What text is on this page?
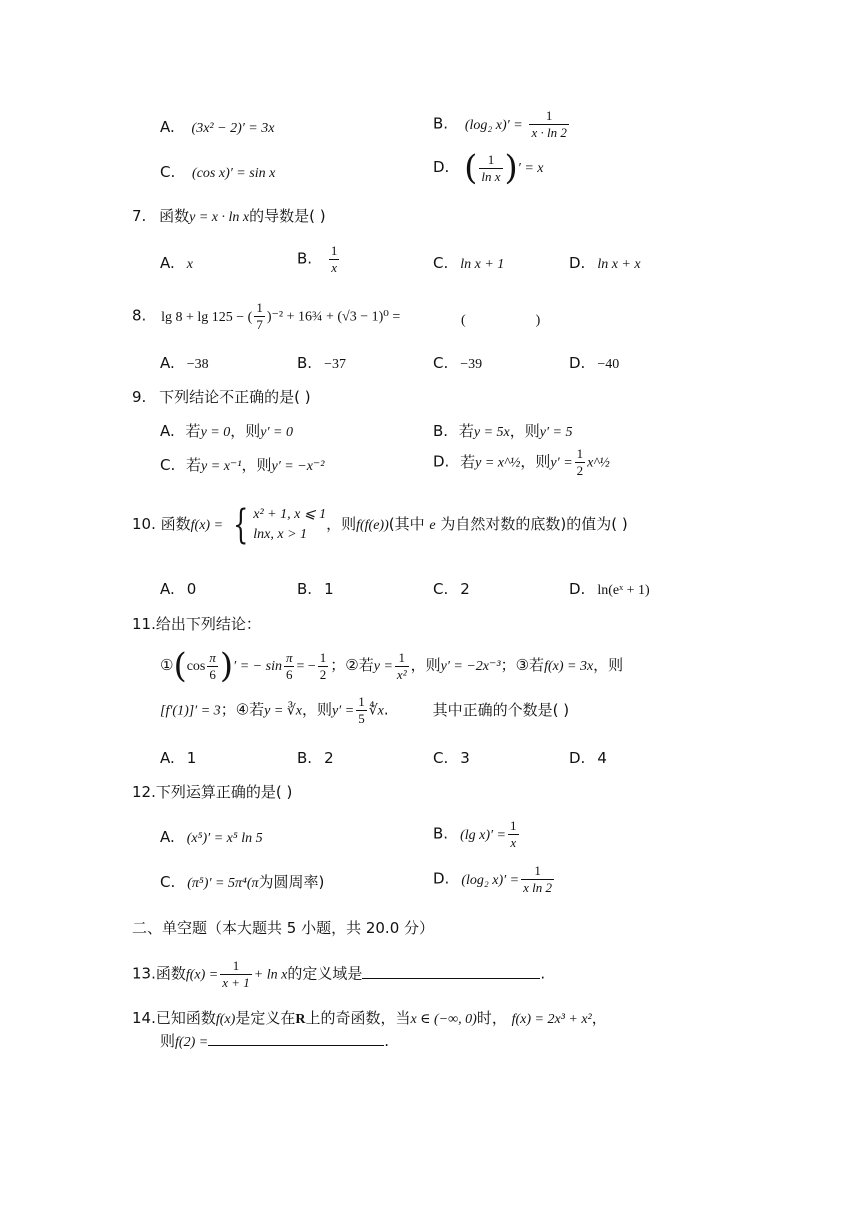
A. (3x² − 2)′ = 3x	B. (log₂ $x)' = \frac{1}{x \cdot \ln 2}$
C. (cos x)′ = sin x	D. ( $\frac{1}{\text{ln x}}$ )′ = x
7. 函数y = x · ln x的导数是( )
A. x	B. $\frac{1}{x}$	C. ln x + 1	D. ln x + x
8. lg 8 + lg 125 − ( $\frac{1}{7} )^{-2}$ + 16¾ + (√3 − 1)⁰ =	(　　　　　)
A. −38	B. −37	C. −39	D. −40
9. 下列结论不正确的是( )
A. 若y = 0，则y′ = 0	B. 若y = 5x，则y′ = 5
C. 若y = x⁻¹，则y′ = −x⁻²	D. 若y = x^½，则$y' = \frac{1}{2}$ x^½
10. 函数f(x) = { x² + 1, x ⩽ 1
lnx, x > 1
，则f(f(e))(其中 e 为自然对数的底数)的值为( )
A. 0	B. 1	C. 2	D. ln(eˣ + 1)
11.给出下列结论：
①(cos $\frac{\pi}{6}$ )′ = − $\sin \frac{\pi}{6}$ = − $\frac{1}{2}$ ；②若$y = \frac{1}{\text{x²}}$ ，则y′ = −2x⁻³；③若f(x) = 3x，则
[f′(1)]′ = 3；④若y = ∛x，则$y' = \frac{1}{5}$ ∜x.	其中正确的个数是( )
A. 1	B. 2	C. 3	D. 4
12.下列运算正确的是( )
A. (x⁵)′ = x⁵ ln 5	B. (lg $x)' = \frac{1}{x}$
C. (π⁵)′ = 5π⁴(π为圆周率)	D. (log₂ $x)' = \frac{1}{\text{x ln 2}}$
二、单空题（本大题共 5 小题，共 20.0 分）
13.函数$f(x) = \frac{1}{x + 1} + \ln x$的定义域是	.
14.已知函数f(x)是定义在R上的奇函数，当x ∈ (−∞, 0)时， f(x) = 2x³ + x²，
则f(2) =	.
